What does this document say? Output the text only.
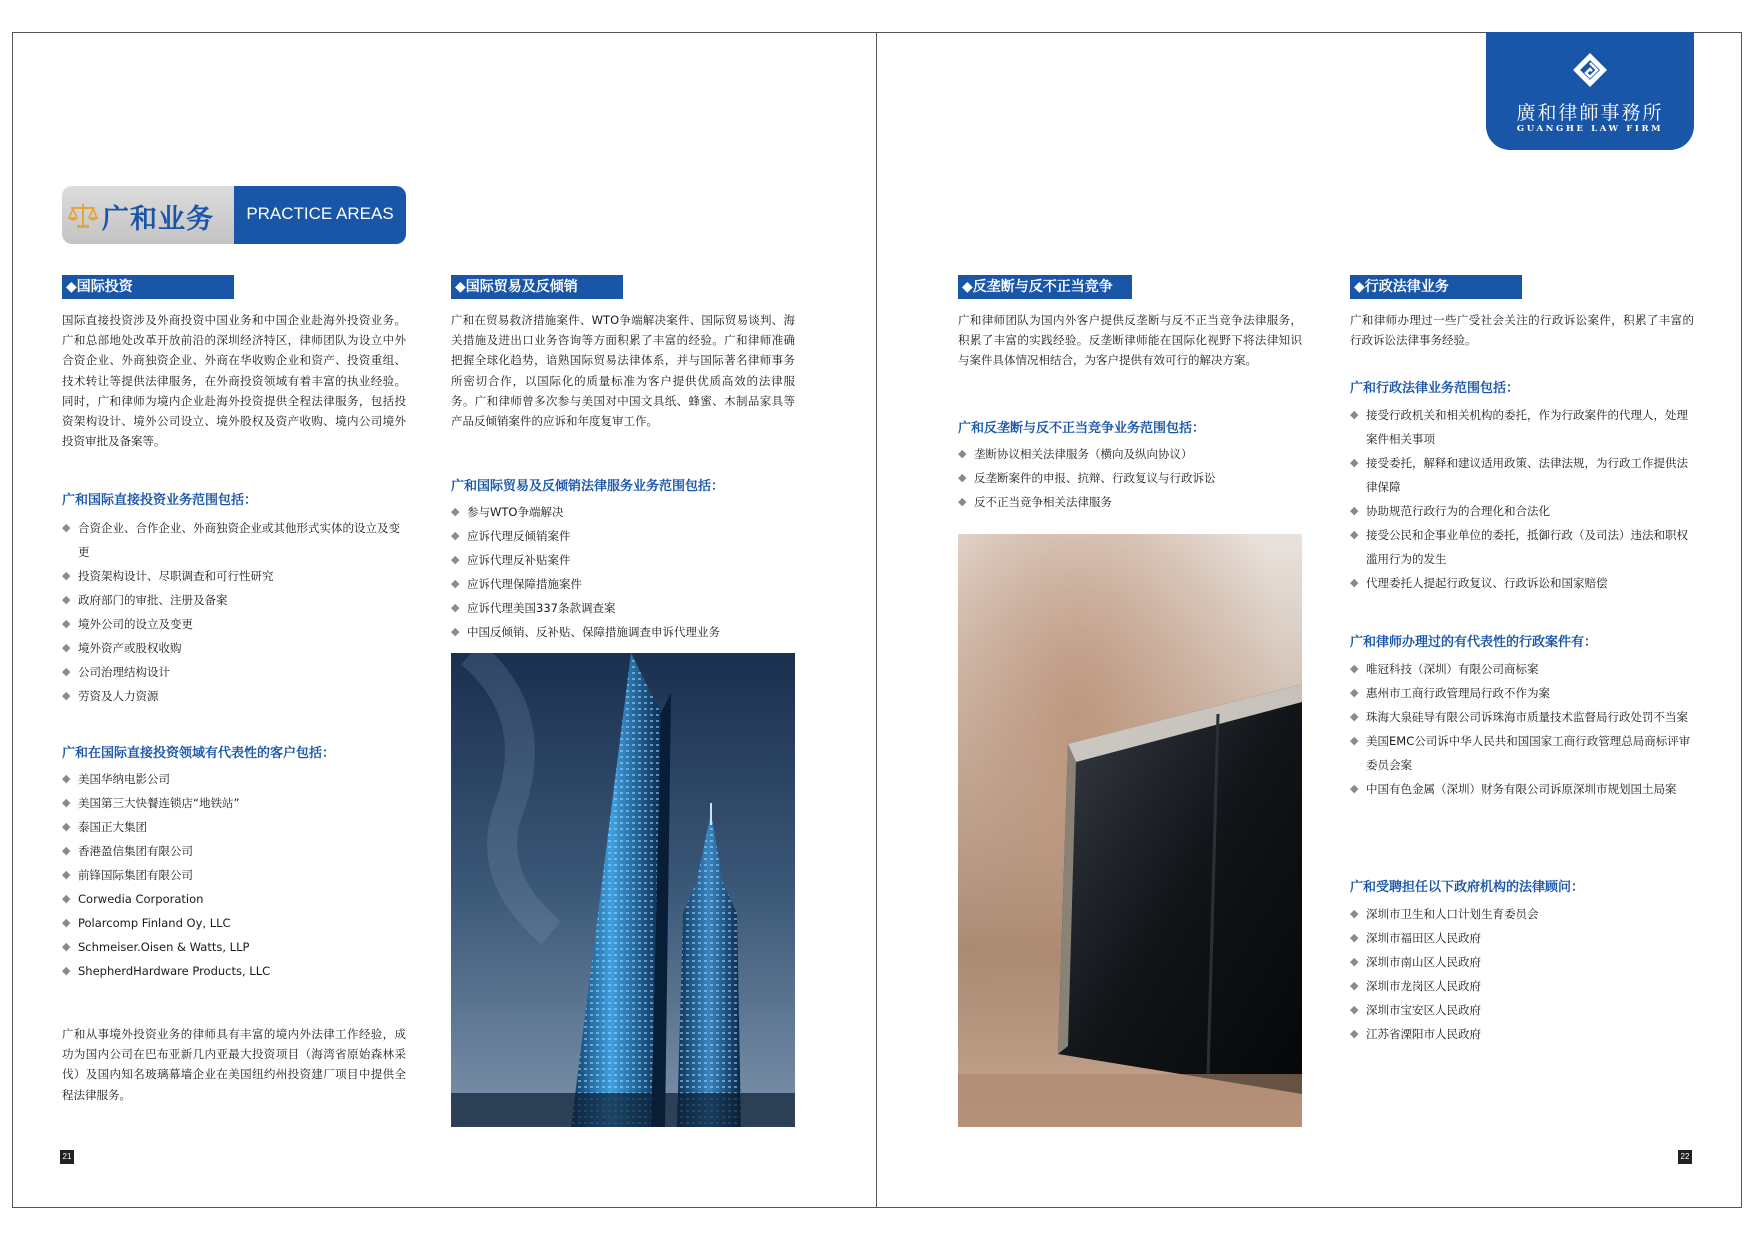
廣和律師事務所
GUANGHE LAW FIRM
广和业务	PRACTICE AREAS
◆国际投资

国际直接投资涉及外商投资中国业务和中国企业赴海外投资业务。广和总部地处改革开放前沿的深圳经济特区，律师团队为设立中外合资企业、外商独资企业、外商在华收购企业和资产、投资重组、技术转让等提供法律服务，在外商投资领域有着丰富的执业经验。同时，广和律师为境内企业赴海外投资提供全程法律服务，包括投资架构设计、境外公司设立、境外股权及资产收购、境内公司境外投资审批及备案等。

广和国际直接投资业务范围包括：
◆ 合资企业、合作企业、外商独资企业或其他形式实体的设立及变更
◆ 投资架构设计、尽职调查和可行性研究
◆ 政府部门的审批、注册及备案
◆ 境外公司的设立及变更
◆ 境外资产或股权收购
◆ 公司治理结构设计
◆ 劳资及人力资源
广和在国际直接投资领域有代表性的客户包括：
◆ 美国华纳电影公司
◆ 美国第三大快餐连锁店“地铁站”
◆ 泰国正大集团
◆ 香港盈信集团有限公司
◆ 前锋国际集团有限公司
◆ Corwedia Corporation
◆ Polarcomp Finland Oy, LLC
◆ Schmeiser.Oisen & Watts, LLP
◆ ShepherdHardware Products, LLC

广和从事境外投资业务的律师具有丰富的境内外法律工作经验，成功为国内公司在巴布亚新几内亚最大投资项目（海湾省原始森林采伐）及国内知名玻璃幕墙企业在美国纽约州投资建厂项目中提供全程法律服务。

◆国际贸易及反倾销

广和在贸易救济措施案件、WTO争端解决案件、国际贸易谈判、海关措施及进出口业务咨询等方面积累了丰富的经验。广和律师准确把握全球化趋势，谙熟国际贸易法律体系，并与国际著名律师事务所密切合作，以国际化的质量标准为客户提供优质高效的法律服务。广和律师曾多次参与美国对中国文具纸、蜂蜜、木制品家具等产品反倾销案件的应诉和年度复审工作。

广和国际贸易及反倾销法律服务业务范围包括：
◆ 参与WTO争端解决
◆ 应诉代理反倾销案件
◆ 应诉代理反补贴案件
◆ 应诉代理保障措施案件
◆ 应诉代理美国337条款调查案
◆ 中国反倾销、反补贴、保障措施调查申诉代理业务
◆反垄断与反不正当竞争

广和律师团队为国内外客户提供反垄断与反不正当竞争法律服务，积累了丰富的实践经验。反垄断律师能在国际化视野下将法律知识与案件具体情况相结合，为客户提供有效可行的解决方案。

广和反垄断与反不正当竞争业务范围包括：
◆ 垄断协议相关法律服务（横向及纵向协议）
◆ 反垄断案件的申报、抗辩、行政复议与行政诉讼
◆ 反不正当竞争相关法律服务
◆行政法律业务

广和律师办理过一些广受社会关注的行政诉讼案件，积累了丰富的行政诉讼法律事务经验。

广和行政法律业务范围包括：
◆ 接受行政机关和相关机构的委托，作为行政案件的代理人，处理案件相关事项
◆ 接受委托，解释和建议适用政策、法律法规，为行政工作提供法律保障
◆ 协助规范行政行为的合理化和合法化
◆ 接受公民和企事业单位的委托，抵御行政（及司法）违法和职权滥用行为的发生
◆ 代理委托人提起行政复议、行政诉讼和国家赔偿
广和律师办理过的有代表性的行政案件有：
◆ 唯冠科技（深圳）有限公司商标案
◆ 惠州市工商行政管理局行政不作为案
◆ 珠海大泉硅导有限公司诉珠海市质量技术监督局行政处罚不当案
◆ 美国EMC公司诉中华人民共和国国家工商行政管理总局商标评审委员会案
◆ 中国有色金属（深圳）财务有限公司诉原深圳市规划国土局案
广和受聘担任以下政府机构的法律顾问：
◆ 深圳市卫生和人口计划生育委员会
◆ 深圳市福田区人民政府
◆ 深圳市南山区人民政府
◆ 深圳市龙岗区人民政府
◆ 深圳市宝安区人民政府
◆ 江苏省溧阳市人民政府
21	22
